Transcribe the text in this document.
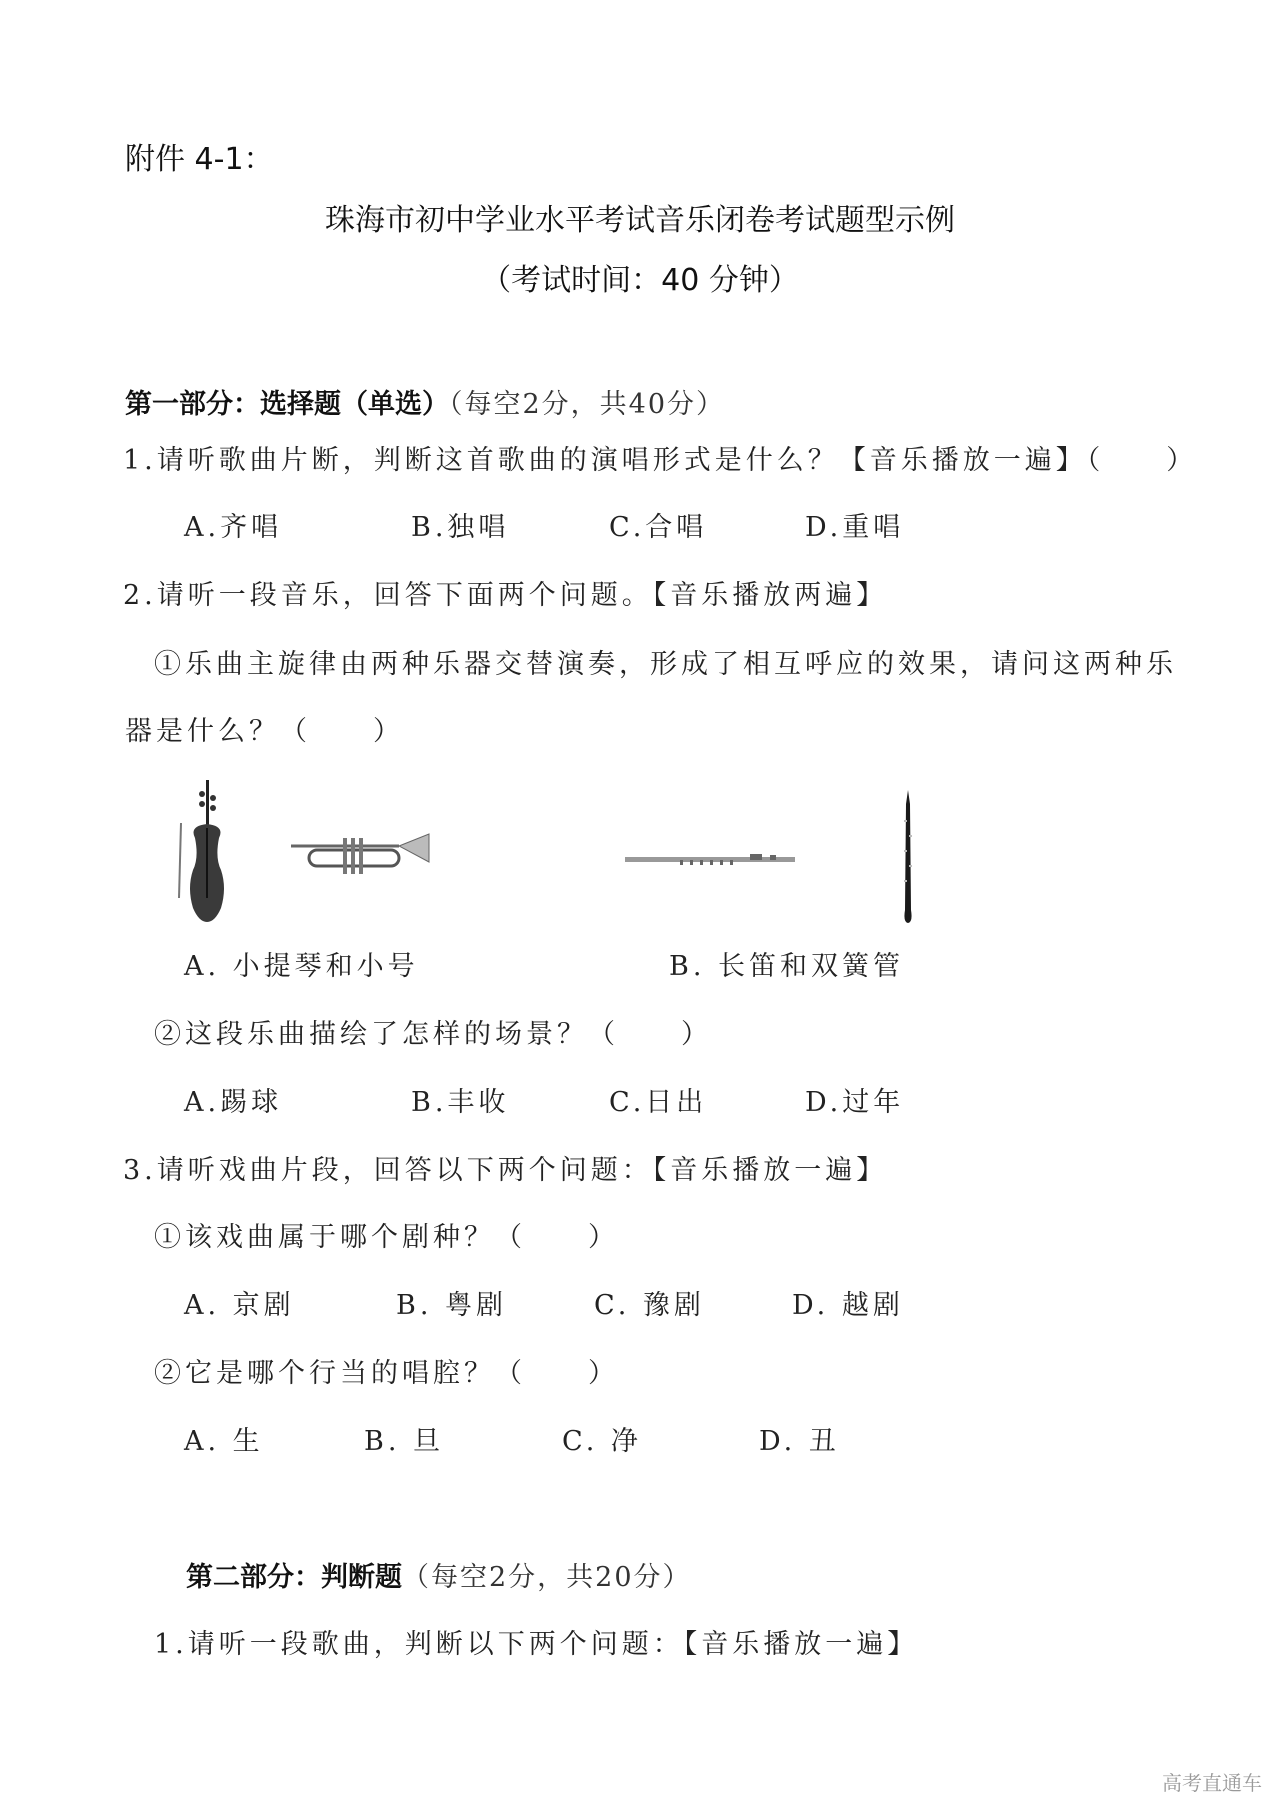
附件 4-1：
珠海市初中学业水平考试音乐闭卷考试题型示例
（考试时间：40 分钟）
第一部分：选择题（单选）（每空2分，共40分）
1.请听歌曲片断，判断这首歌曲的演唱形式是什么？【音乐播放一遍】（　　）
A.齐唱	B.独唱	C.合唱	D.重唱
2.请听一段音乐，回答下面两个问题。【音乐播放两遍】
①乐曲主旋律由两种乐器交替演奏，形成了相互呼应的效果，请问这两种乐
器是什么？（　　）
A. 小提琴和小号	B. 长笛和双簧管
②这段乐曲描绘了怎样的场景？（　　）
A.踢球	B.丰收	C.日出	D.过年
3.请听戏曲片段，回答以下两个问题：【音乐播放一遍】
①该戏曲属于哪个剧种？（　　）
A. 京剧	B. 粤剧	C. 豫剧	D. 越剧
②它是哪个行当的唱腔？（　　）
A. 生	B. 旦	C. 净	D. 丑
第二部分：判断题（每空2分，共20分）
1.请听一段歌曲，判断以下两个问题：【音乐播放一遍】
高考直通车
